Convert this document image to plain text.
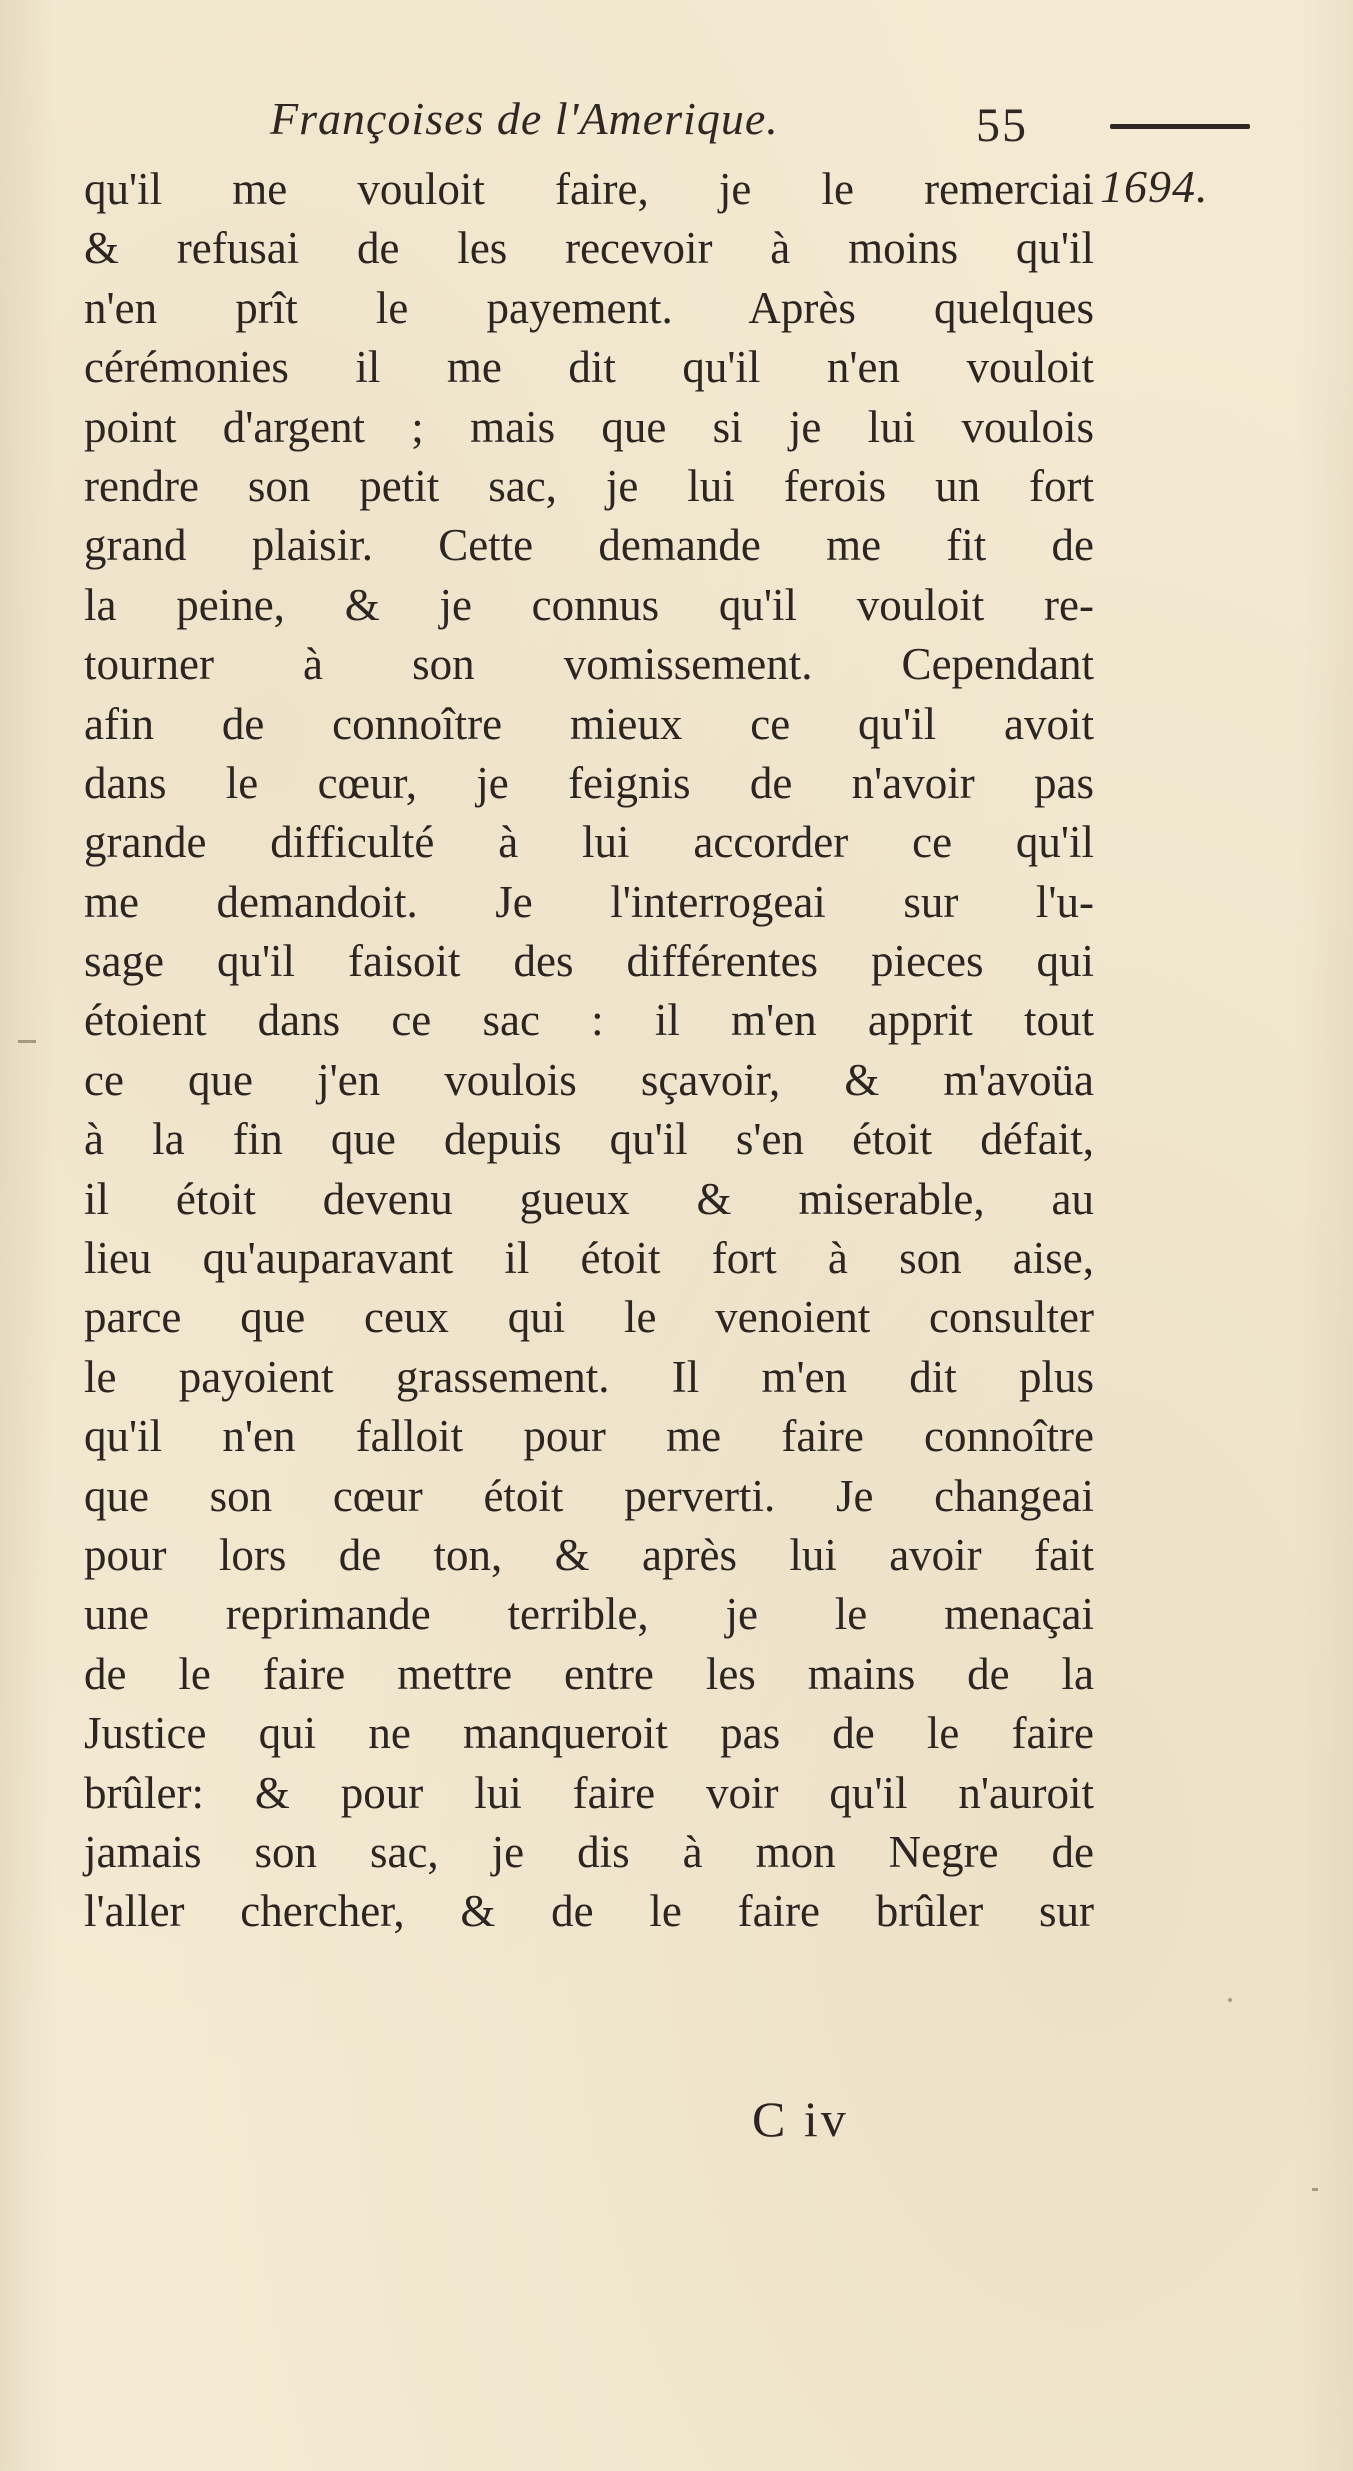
Françoises de l'Amerique.	55
1694.
qu'il me vouloit faire, je le remerciai
& refusai de les recevoir à moins qu'il
n'en prît le payement. Après quelques
cérémonies il me dit qu'il n'en vouloit
point d'argent ; mais que si je lui voulois
rendre son petit sac, je lui ferois un fort
grand plaisir. Cette demande me fit de
la peine, & je connus qu'il vouloit re-
tourner à son vomissement. Cependant
afin de connoître mieux ce qu'il avoit
dans le cœur, je feignis de n'avoir pas
grande difficulté à lui accorder ce qu'il
me demandoit. Je l'interrogeai sur l'u-
sage qu'il faisoit des différentes pieces qui
étoient dans ce sac : il m'en apprit tout
ce que j'en voulois sçavoir, & m'avoüa
à la fin que depuis qu'il s'en étoit défait,
il étoit devenu gueux & miserable, au
lieu qu'auparavant il étoit fort à son aise,
parce que ceux qui le venoient consulter
le payoient grassement. Il m'en dit plus
qu'il n'en falloit pour me faire connoître
que son cœur étoit perverti. Je changeai
pour lors de ton, & après lui avoir fait
une reprimande terrible, je le menaçai
de le faire mettre entre les mains de la
Justice qui ne manqueroit pas de le faire
brûler: & pour lui faire voir qu'il n'auroit
jamais son sac, je dis à mon Negre de
l'aller chercher, & de le faire brûler sur
C iv
